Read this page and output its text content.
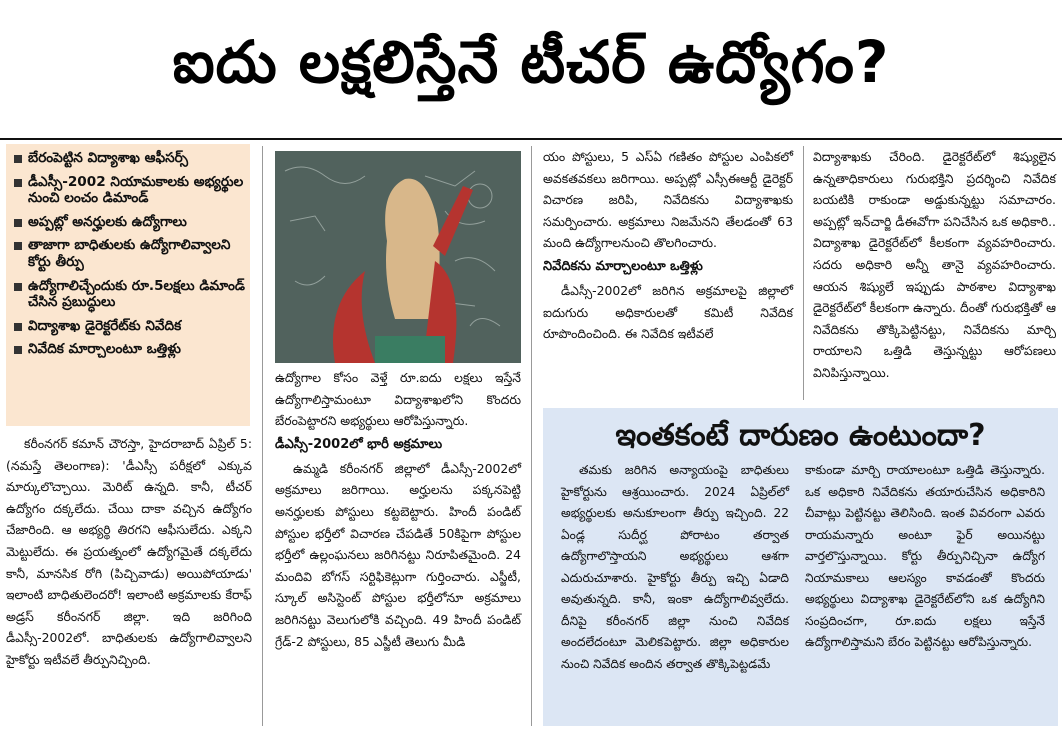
ఐదు లక్షలిస్తేనే టీచర్ ఉద్యోగం?
బేరంపెట్టిన విద్యాశాఖ ఆఫీసర్స్
డీఎస్సీ-2002 నియామకాలకు అభ్యర్థుల నుంచి లంచం డిమాండ్
అప్పట్లో అనర్హులకు ఉద్యోగాలు
తాజాగా బాధితులకు ఉద్యోగాలివ్వాలని కోర్టు తీర్పు
ఉద్యోగాలిచ్చేందుకు రూ.5లక్షలు డిమాండ్ చేసిన ప్రబుద్ధులు
విద్యాశాఖ డైరెక్టరేట్‌కు నివేదిక
నివేదిక మార్చాలంటూ ఒత్తిళ్లు

కరీంనగర్ కమాన్ చౌరస్తా, హైదరాబాద్ ఏప్రిల్ 5: (నమస్తే తెలంగాణ): 'డీఎస్సీ పరీక్షలో ఎక్కువ మార్కులొచ్చాయి. మెరిట్ ఉన్నది. కానీ, టీచర్ ఉద్యోగం దక్కలేదు. చేయి దాకా వచ్చిన ఉద్యోగం చేజారింది. ఆ అభ్యర్థి తిరగని ఆఫీసులేదు. ఎక్కని మెట్టులేదు. ఈ ప్రయత్నంలో ఉద్యోగమైతే దక్కలేదు కానీ, మానసిక రోగి (పిచ్చివాడు) అయిపోయాడు' ఇలాంటి బాధితులెందరో! ఇలాంటి అక్రమాలకు కేరాఫ్ అడ్రస్ కరీంనగర్ జిల్లా. ఇది జరిగింది డీఎస్సీ-2002లో. బాధితులకు ఉద్యోగాలివ్వాలని హైకోర్టు ఇటీవలే తీర్పునిచ్చింది.

ఉద్యోగాల కోసం వెళ్తే రూ.ఐదు లక్షలు ఇస్తేనే ఉద్యోగాలిస్తామంటూ విద్యాశాఖలోని కొందరు బేరంపెట్టారని అభ్యర్థులు ఆరోపిస్తున్నారు.

డీఎస్సీ-2002లో భారీ అక్రమాలు

ఉమ్మడి కరీంనగర్ జిల్లాలో డీఎస్సీ-2002లో అక్రమాలు జరిగాయి. అర్హులను పక్కనపెట్టి అనర్హులకు పోస్టులు కట్టబెట్టారు. హిందీ పండిట్ పోస్టుల భర్తీలో విచారణ చేపడితే 50కిపైగా పోస్టుల భర్తీలో ఉల్లంఘనలు జరిగినట్టు నిరూపితమైంది. 24 మందివి బోగస్ సర్టిఫికెట్లుగా గుర్తించారు. ఎస్జీటీ, స్కూల్ అసిస్టెంట్ పోస్టుల భర్తీలోనూ అక్రమాలు జరిగినట్టు వెలుగులోకి వచ్చింది. 49 హిందీ పండిట్ గ్రేడ్-2 పోస్టులు, 85 ఎస్జీటీ తెలుగు మీడి

యం పోస్టులు, 5 ఎస్ఏ గణితం పోస్టుల ఎంపికలో అవకతవకలు జరిగాయి. అప్పట్లో ఎస్సీఈఆర్టీ డైరెక్టర్ విచారణ జరిపి, నివేదికను విద్యాశాఖకు సమర్పించారు. అక్రమాలు నిజమేనని తేలడంతో 63 మంది ఉద్యోగాలనుంచి తొలగించారు.

నివేదికను మార్చాలంటూ ఒత్తిళ్లు

డీఎస్సీ-2002లో జరిగిన అక్రమాలపై జిల్లాలో ఐదుగురు అధికారులతో కమిటీ నివేదిక రూపొందించింది. ఈ నివేదిక ఇటీవలే

విద్యాశాఖకు చేరింది. డైరెక్టరేట్‌లో శిష్యులైన ఉన్నతాధికారులు గురుభక్తిని ప్రదర్శించి నివేదిక బయటికి రాకుండా అడ్డుకున్నట్టు సమాచారం. అప్పట్లో ఇన్‌చార్జి డీఈవోగా పనిచేసిన ఒక అధికారి.. విద్యాశాఖ డైరెక్టరేట్‌లో కీలకంగా వ్యవహరించారు. సదరు అధికారి అన్నీ తానై వ్యవహరించారు. ఆయన శిష్యులే ఇప్పుడు పాఠశాల విద్యాశాఖ డైరెక్టరేట్‌లో కీలకంగా ఉన్నారు. దీంతో గురుభక్తితో ఆ నివేదికను తొక్కిపెట్టినట్టు, నివేదికను మార్చి రాయాలని ఒత్తిడి తెస్తున్నట్టు ఆరోపణలు వినిపిస్తున్నాయి.

ఇంతకంటే దారుణం ఉంటుందా?

తమకు జరిగిన అన్యాయంపై బాధితులు హైకోర్టును ఆశ్రయించారు. 2024 ఏప్రిల్‌లో అభ్యర్థులకు అనుకూలంగా తీర్పు ఇచ్చింది. 22 ఏండ్ల సుదీర్ఘ పోరాటం తర్వాత ఉద్యోగాలొస్తాయని అభ్యర్థులు ఆశగా ఎదురుచూశారు. హైకోర్టు తీర్పు ఇచ్చి ఏడాది అవుతున్నది. కానీ, ఇంకా ఉద్యోగాలివ్వలేదు. దీనిపై కరీంనగర్ జిల్లా నుంచి నివేదిక అందలేదంటూ మెలికపెట్టారు. జిల్లా అధికారుల నుంచి నివేదిక అందిన తర్వాత తొక్కిపెట్టడమే

కాకుండా మార్చి రాయాలంటూ ఒత్తిడి తెస్తున్నారు. ఒక అధికారి నివేదికను తయారుచేసిన అధికారిని చీవాట్లు పెట్టినట్టు తెలిసింది. ఇంత వివరంగా ఎవరు రాయమన్నారు అంటూ ఫైర్ అయినట్టు వార్తలొస్తున్నాయి. కోర్టు తీర్పునిచ్చినా ఉద్యోగ నియామకాలు ఆలస్యం కావడంతో కొందరు అభ్యర్థులు విద్యాశాఖ డైరెక్టరేట్‌లోని ఒక ఉద్యోగిని సంప్రదించగా, రూ.ఐదు లక్షలు ఇస్తేనే ఉద్యోగాలిస్తామని బేరం పెట్టినట్టు ఆరోపిస్తున్నారు.
